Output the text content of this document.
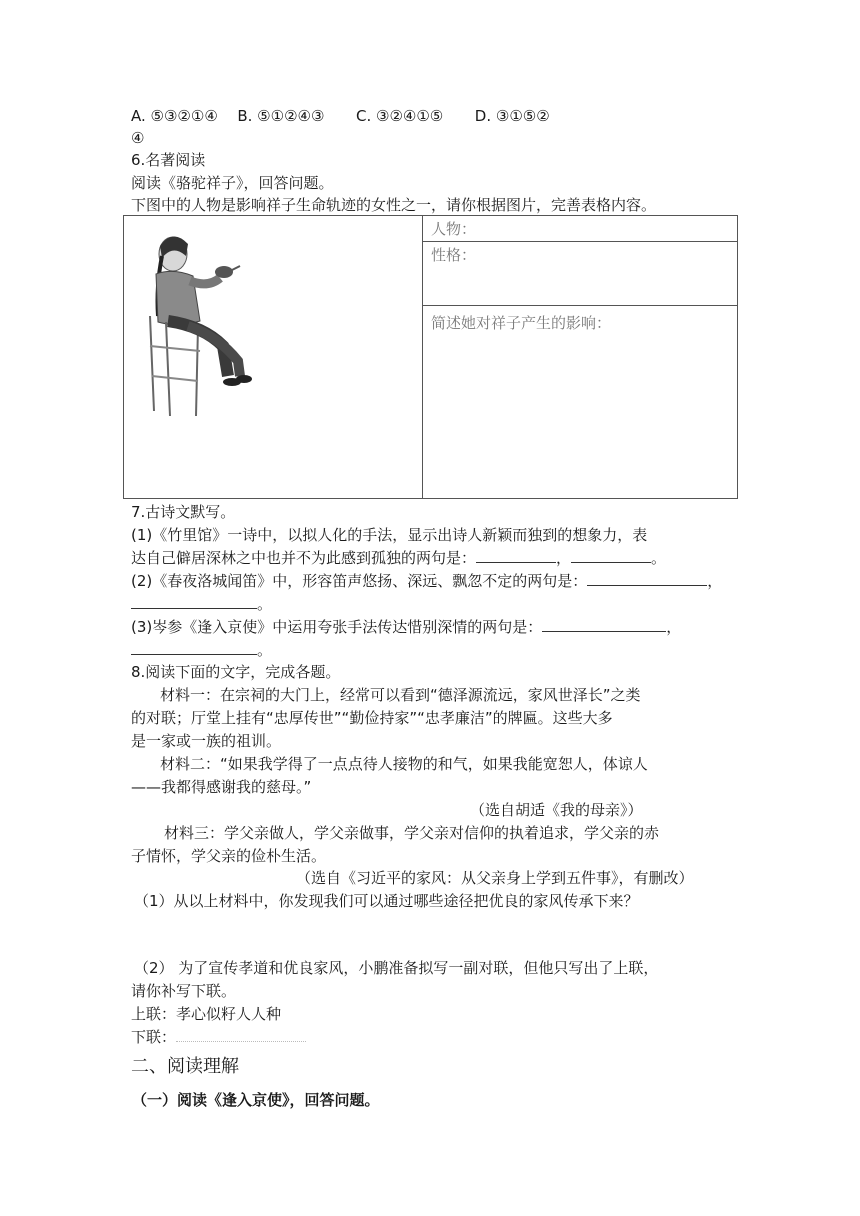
A. ⑤③②①④ B. ⑤①②④③ C. ③②④①⑤ D. ③①⑤②
④
6.名著阅读
阅读《骆驼祥子》，回答问题。
下图中的人物是影响祥子生命轨迹的女性之一，请你根据图片，完善表格内容。
	人物：
性格：
简述她对祥子产生的影响：
7.古诗文默写。
(1)《竹里馆》一诗中，以拟人化的手法，显示出诗人新颖而独到的想象力，表
达自己僻居深林之中也并不为此感到孤独的两句是：	，	。
(2)《春夜洛城闻笛》中，形容笛声悠扬、深远、飘忽不定的两句是：	，
。
(3)岑参《逢入京使》中运用夸张手法传达惜别深情的两句是：	，
。
8.阅读下面的文字，完成各题。
材料一：在宗祠的大门上，经常可以看到“德泽源流远，家风世泽长”之类
的对联；厅堂上挂有“忠厚传世”“勤俭持家”“忠孝廉洁”的牌匾。这些大多
是一家或一族的祖训。
材料二：“如果我学得了一点点待人接物的和气，如果我能宽恕人，体谅人
——我都得感谢我的慈母。”
（选自胡适《我的母亲》）
材料三：学父亲做人，学父亲做事，学父亲对信仰的执着追求，学父亲的赤
子情怀，学父亲的俭朴生活。
（选自《习近平的家风：从父亲身上学到五件事》，有删改）
（1）从以上材料中，你发现我们可以通过哪些途径把优良的家风传承下来？
（2） 为了宣传孝道和优良家风，小鹏准备拟写一副对联，但他只写出了上联，
请你补写下联。
上联：孝心似籽人人种
下联：
二、阅读理解
（一）阅读《逢入京使》，回答问题。
